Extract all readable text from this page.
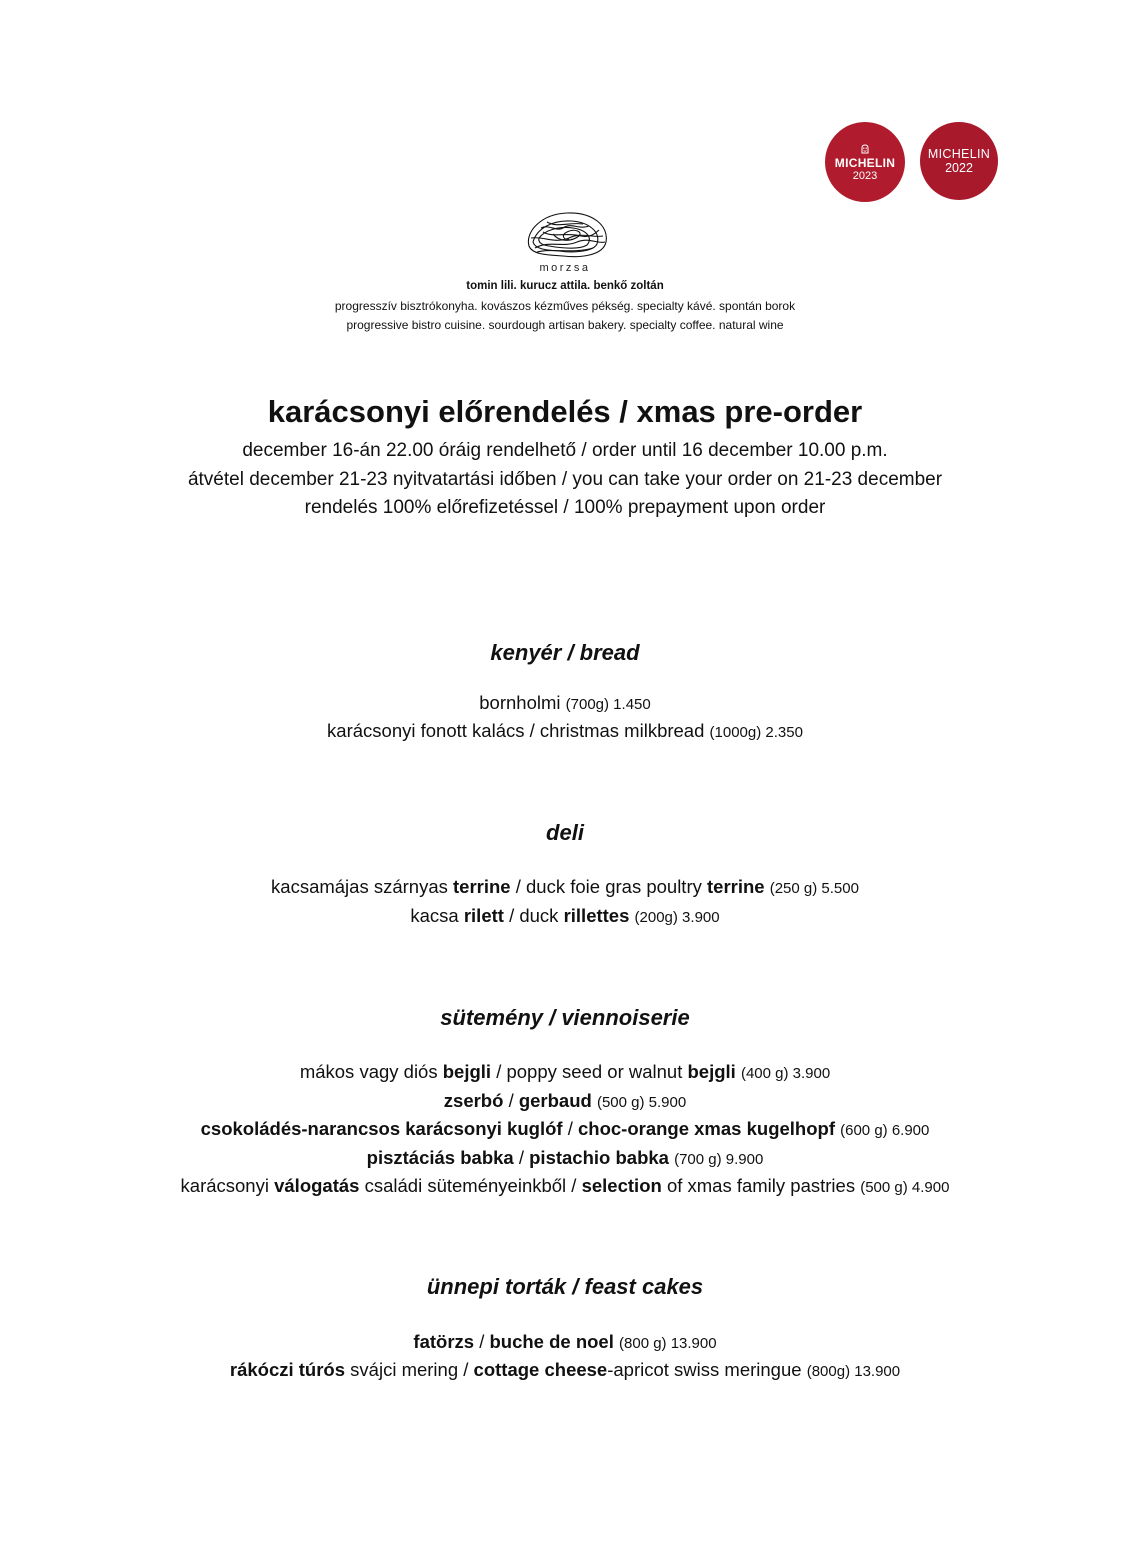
MICHELIN
2023
MICHELIN
2022
morzsa
tomin lili. kurucz attila. benkő zoltán
progresszív bisztrókonyha. kovászos kézműves pékség. specialty kávé. spontán borok
progressive bistro cuisine. sourdough artisan bakery. specialty coffee. natural wine
karácsonyi előrendelés / xmas pre-order
december 16-án 22.00 óráig rendelhető / order until 16 december 10.00 p.m.
átvétel december 21-23 nyitvatartási időben / you can take your order on 21-23 december
rendelés 100% előrefizetéssel / 100% prepayment upon order
kenyér / bread
bornholmi (700g) 1.450
karácsonyi fonott kalács / christmas milkbread (1000g) 2.350
deli
kacsamájas szárnyas terrine / duck foie gras poultry terrine (250 g) 5.500
kacsa rilett / duck rillettes (200g) 3.900
sütemény / viennoiserie
mákos vagy diós bejgli / poppy seed or walnut bejgli (400 g) 3.900
zserbó / gerbaud (500 g) 5.900
csokoládés-narancsos karácsonyi kuglóf / choc-orange xmas kugelhopf (600 g) 6.900
pisztáciás babka / pistachio babka (700 g) 9.900
karácsonyi válogatás családi süteményeinkből / selection of xmas family pastries (500 g) 4.900
ünnepi torták / feast cakes
fatörzs / buche de noel (800 g) 13.900
rákóczi túrós svájci mering / cottage cheese-apricot swiss meringue (800g) 13.900
